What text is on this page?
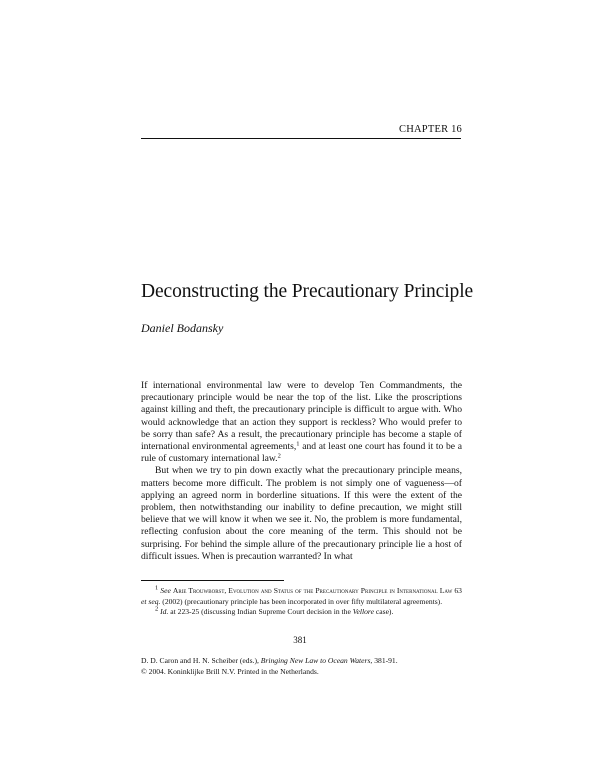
CHAPTER 16
Deconstructing the Precautionary Principle
Daniel Bodansky

If international environmental law were to develop Ten Commandments, the precautionary principle would be near the top of the list. Like the proscriptions against killing and theft, the precautionary principle is difficult to argue with. Who would acknowledge that an action they support is reckless? Who would prefer to be sorry than safe? As a result, the precautionary principle has become a staple of international environmental agreements,$^1$ and at least one court has found it to be a rule of customary international law.$^2$

But when we try to pin down exactly what the precautionary principle means, matters become more difficult. The problem is not simply one of vagueness—of applying an agreed norm in borderline situations. If this were the extent of the problem, then notwithstanding our inability to define precaution, we might still believe that we will know it when we see it. No, the problem is more fundamental, reflecting confusion about the core meaning of the term. This should not be surprising. For behind the simple allure of the precautionary principle lie a host of difficult issues. When is precaution warranted? In what

$^1$ See Arie Trouwborst, Evolution and Status of the Precautionary Principle in International Law 63 et seq. (2002) (precautionary principle has been incorporated in over fifty multilateral agreements).

$^2$ Id. at 223-25 (discussing Indian Supreme Court decision in the Vellore case).

381
D. D. Caron and H. N. Scheiber (eds.), Bringing New Law to Ocean Waters, 381-91.
© 2004. Koninklijke Brill N.V. Printed in the Netherlands.
